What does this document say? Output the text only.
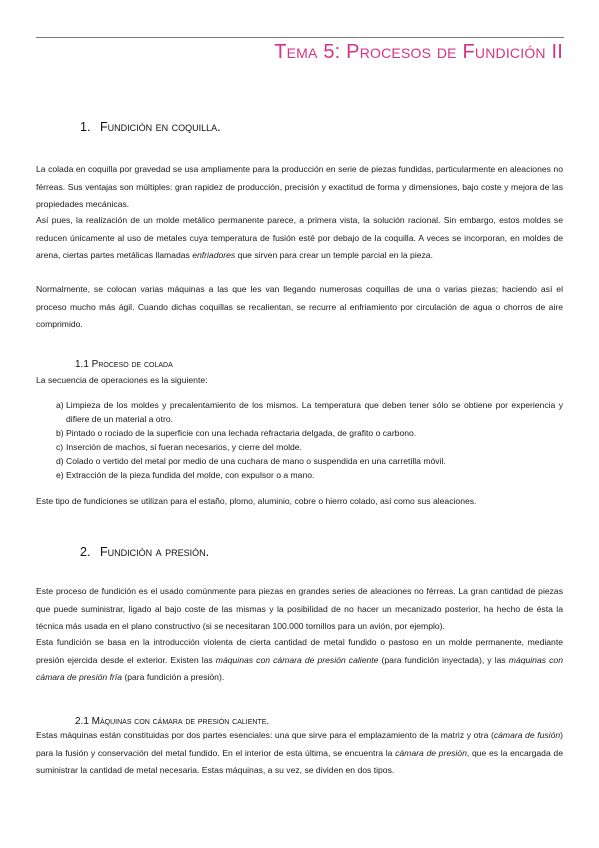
Tema 5: Procesos de Fundición II
1. Fundición en coquilla.

La colada en coquilla por gravedad se usa ampliamente para la producción en serie de piezas fundidas, particularmente en aleaciones no férreas. Sus ventajas son múltiples: gran rapidez de producción, precisión y exactitud de forma y dimensiones, bajo coste y mejora de las propiedades mecánicas.

Así pues, la realización de un molde metálico permanente parece, a primera vista, la solución racional. Sin embargo, estos moldes se reducen únicamente al uso de metales cuya temperatura de fusión esté por debajo de la coquilla. A veces se incorporan, en moldes de arena, ciertas partes metálicas llamadas enfriadores que sirven para crear un temple parcial en la pieza.

Normalmente, se colocan varias máquinas a las que les van llegando numerosas coquillas de una o varias piezas; haciendo así el proceso mucho más ágil. Cuando dichas coquillas se recalientan, se recurre al enfriamiento por circulación de agua o chorros de aire comprimido.

1.1 Proceso de colada

La secuencia de operaciones es la siguiente:

a) Limpieza de los moldes y precalentamiento de los mismos. La temperatura que deben tener sólo se obtiene por experiencia y difiere de un material a otro.
b) Pintado o rociado de la superficie con una lechada refractaria delgada, de grafito o carbono.
c) Inserción de machos, si fueran necesarios, y cierre del molde.
d) Colado o vertido del metal por medio de una cuchara de mano o suspendida en una carretilla móvil.
e) Extracción de la pieza fundida del molde, con expulsor o a mano.

Este tipo de fundiciones se utilizan para el estaño, plomo, aluminio, cobre o hierro colado, así como sus aleaciones.

2. Fundición a presión.

Este proceso de fundición es el usado comúnmente para piezas en grandes series de aleaciones no férreas. La gran cantidad de piezas que puede suministrar, ligado al bajo coste de las mismas y la posibilidad de no hacer un mecanizado posterior, ha hecho de ésta la técnica más usada en el plano constructivo (si se necesitaran 100.000 tornillos para un avión, por ejemplo).

Esta fundición se basa en la introducción violenta de cierta cantidad de metal fundido o pastoso en un molde permanente, mediante presión ejercida desde el exterior. Existen las máquinas con cámara de presión caliente (para fundición inyectada), y las máquinas con cámara de presión fría (para fundición a presión).

2.1 Máquinas con cámara de presión caliente.

Estas máquinas están constituidas por dos partes esenciales: una que sirve para el emplazamiento de la matriz y otra (cámara de fusión) para la fusión y conservación del metal fundido. En el interior de esta última, se encuentra la cámara de presión, que es la encargada de suministrar la cantidad de metal necesaria. Estas máquinas, a su vez, se dividen en dos tipos.
